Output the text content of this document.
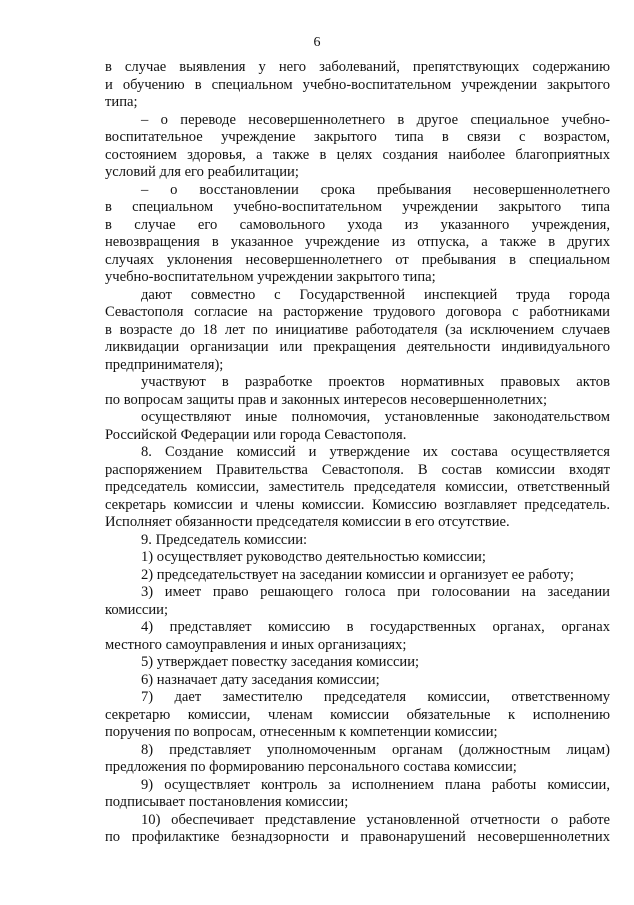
6
в случае выявления у него заболеваний, препятствующих содержанию
и обучению в специальном учебно-воспитательном учреждении закрытого
типа;
– о переводе несовершеннолетнего в другое специальное учебно-
воспитательное учреждение закрытого типа в связи с возрастом,
состоянием здоровья, а также в целях создания наиболее благоприятных
условий для его реабилитации;
– о восстановлении срока пребывания несовершеннолетнего
в специальном учебно-воспитательном учреждении закрытого типа
в случае его самовольного ухода из указанного учреждения,
невозвращения в указанное учреждение из отпуска, а также в других
случаях уклонения несовершеннолетнего от пребывания в специальном
учебно-воспитательном учреждении закрытого типа;
дают совместно с Государственной инспекцией труда города
Севастополя согласие на расторжение трудового договора с работниками
в возрасте до 18 лет по инициативе работодателя (за исключением случаев
ликвидации организации или прекращения деятельности индивидуального
предпринимателя);
участвуют в разработке проектов нормативных правовых актов
по вопросам защиты прав и законных интересов несовершеннолетних;
осуществляют иные полномочия, установленные законодательством
Российской Федерации или города Севастополя.
8. Создание комиссий и утверждение их состава осуществляется
распоряжением Правительства Севастополя. В состав комиссии входят
председатель комиссии, заместитель председателя комиссии, ответственный
секретарь комиссии и члены комиссии. Комиссию возглавляет председатель.
Исполняет обязанности председателя комиссии в его отсутствие.
9. Председатель комиссии:
1) осуществляет руководство деятельностью комиссии;
2) председательствует на заседании комиссии и организует ее работу;
3) имеет право решающего голоса при голосовании на заседании
комиссии;
4) представляет комиссию в государственных органах, органах
местного самоуправления и иных организациях;
5) утверждает повестку заседания комиссии;
6) назначает дату заседания комиссии;
7) дает заместителю председателя комиссии, ответственному
секретарю комиссии, членам комиссии обязательные к исполнению
поручения по вопросам, отнесенным к компетенции комиссии;
8) представляет уполномоченным органам (должностным лицам)
предложения по формированию персонального состава комиссии;
9) осуществляет контроль за исполнением плана работы комиссии,
подписывает постановления комиссии;
10) обеспечивает представление установленной отчетности о работе
по профилактике безнадзорности и правонарушений несовершеннолетних
